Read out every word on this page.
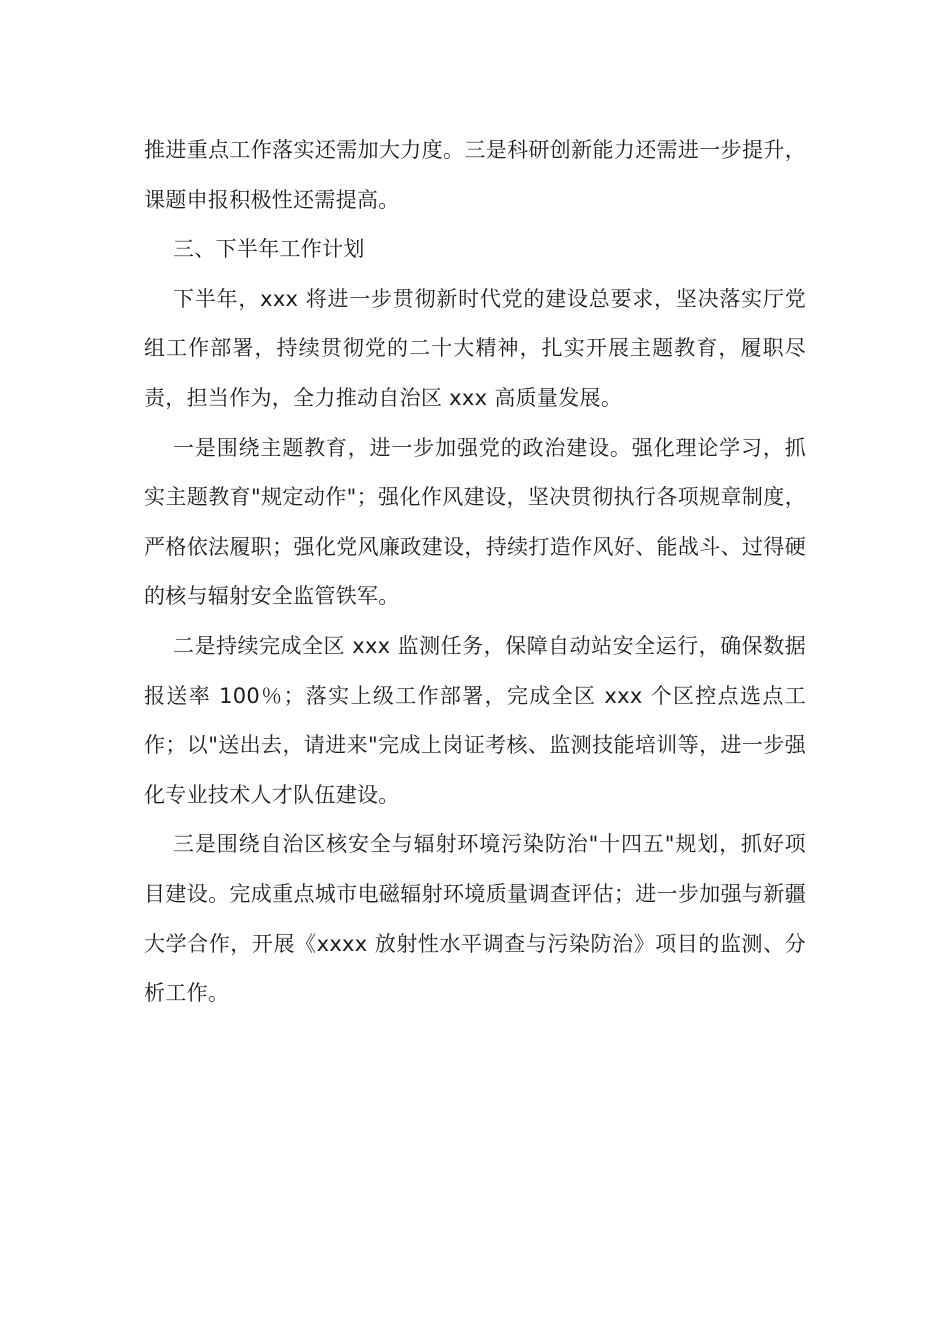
推进重点工作落实还需加大力度。三是科研创新能力还需进一步提升，课题申报积极性还需提高。

三、下半年工作计划

下半年，xxx 将进一步贯彻新时代党的建设总要求，坚决落实厅党组工作部署，持续贯彻党的二十大精神，扎实开展主题教育，履职尽责，担当作为，全力推动自治区 xxx 高质量发展。

一是围绕主题教育，进一步加强党的政治建设。强化理论学习，抓实主题教育"规定动作"；强化作风建设，坚决贯彻执行各项规章制度，严格依法履职；强化党风廉政建设，持续打造作风好、能战斗、过得硬的核与辐射安全监管铁军。

二是持续完成全区 xxx 监测任务，保障自动站安全运行，确保数据报送率 100％；落实上级工作部署，完成全区 xxx 个区控点选点工作；以"送出去，请进来"完成上岗证考核、监测技能培训等，进一步强化专业技术人才队伍建设。

三是围绕自治区核安全与辐射环境污染防治"十四五"规划，抓好项目建设。完成重点城市电磁辐射环境质量调查评估；进一步加强与新疆大学合作，开展《xxxx 放射性水平调查与污染防治》项目的监测、分析工作。
